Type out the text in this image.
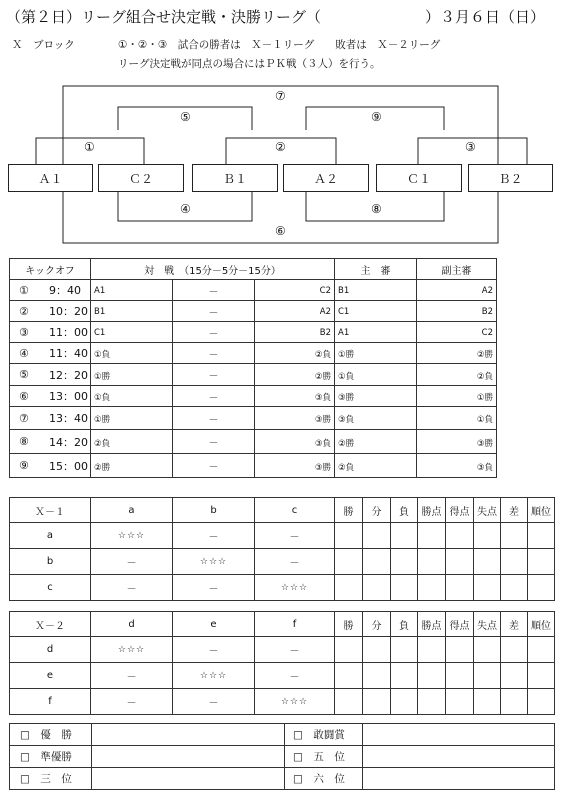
（第２日）リーグ組合せ決定戦・決勝リーグ（	）３月６日（日）
Ｘ　ブロック	①・②・③　試合の勝者は　Ｘ－１リーグ　　敗者は　Ｘ－２リーグ
リーグ決定戦が同点の場合にはＰＫ戦（３人）を行う。
⑦
⑤	⑨
①	②	③
④	⑧
⑥
Ａ１	Ｃ２	Ｂ１	Ａ２	Ｃ１	Ｂ２
キックオフ	対　戦　（15分－5分－15分）			主　審	副主審

① 9：40	A1	－	C2	B1	A2

② 10：20	B1	－	A2	C1	B2

③ 11：00	C1	－	B2	A1	C2

④ 11：40	①負	－	②負	①勝	②勝

⑤ 12：20	①勝	－	②勝	①負	②負

⑥ 13：00	①負	－	③負	③勝	①勝

⑦ 13：40	①勝	－	③勝	③負	①負

⑧ 14：20	②負	－	③負	②勝	③勝

⑨ 15：00	②勝	－	③勝	②負	③負
Ｘ－１	a	b	c	勝	分	負	勝点	得点	失点	差	順位
a	☆☆☆	－	－								
b	－	☆☆☆	－								
c	－	－	☆☆☆								
Ｘ－２	d	e	f	勝	分	負	勝点	得点	失点	差	順位
d	☆☆☆	－	－								
e	－	☆☆☆	－								
f	－	－	☆☆☆								
□　優　勝		□　敢闘賞	
□　準優勝		□　五　位	
□　三　位		□　六　位	
